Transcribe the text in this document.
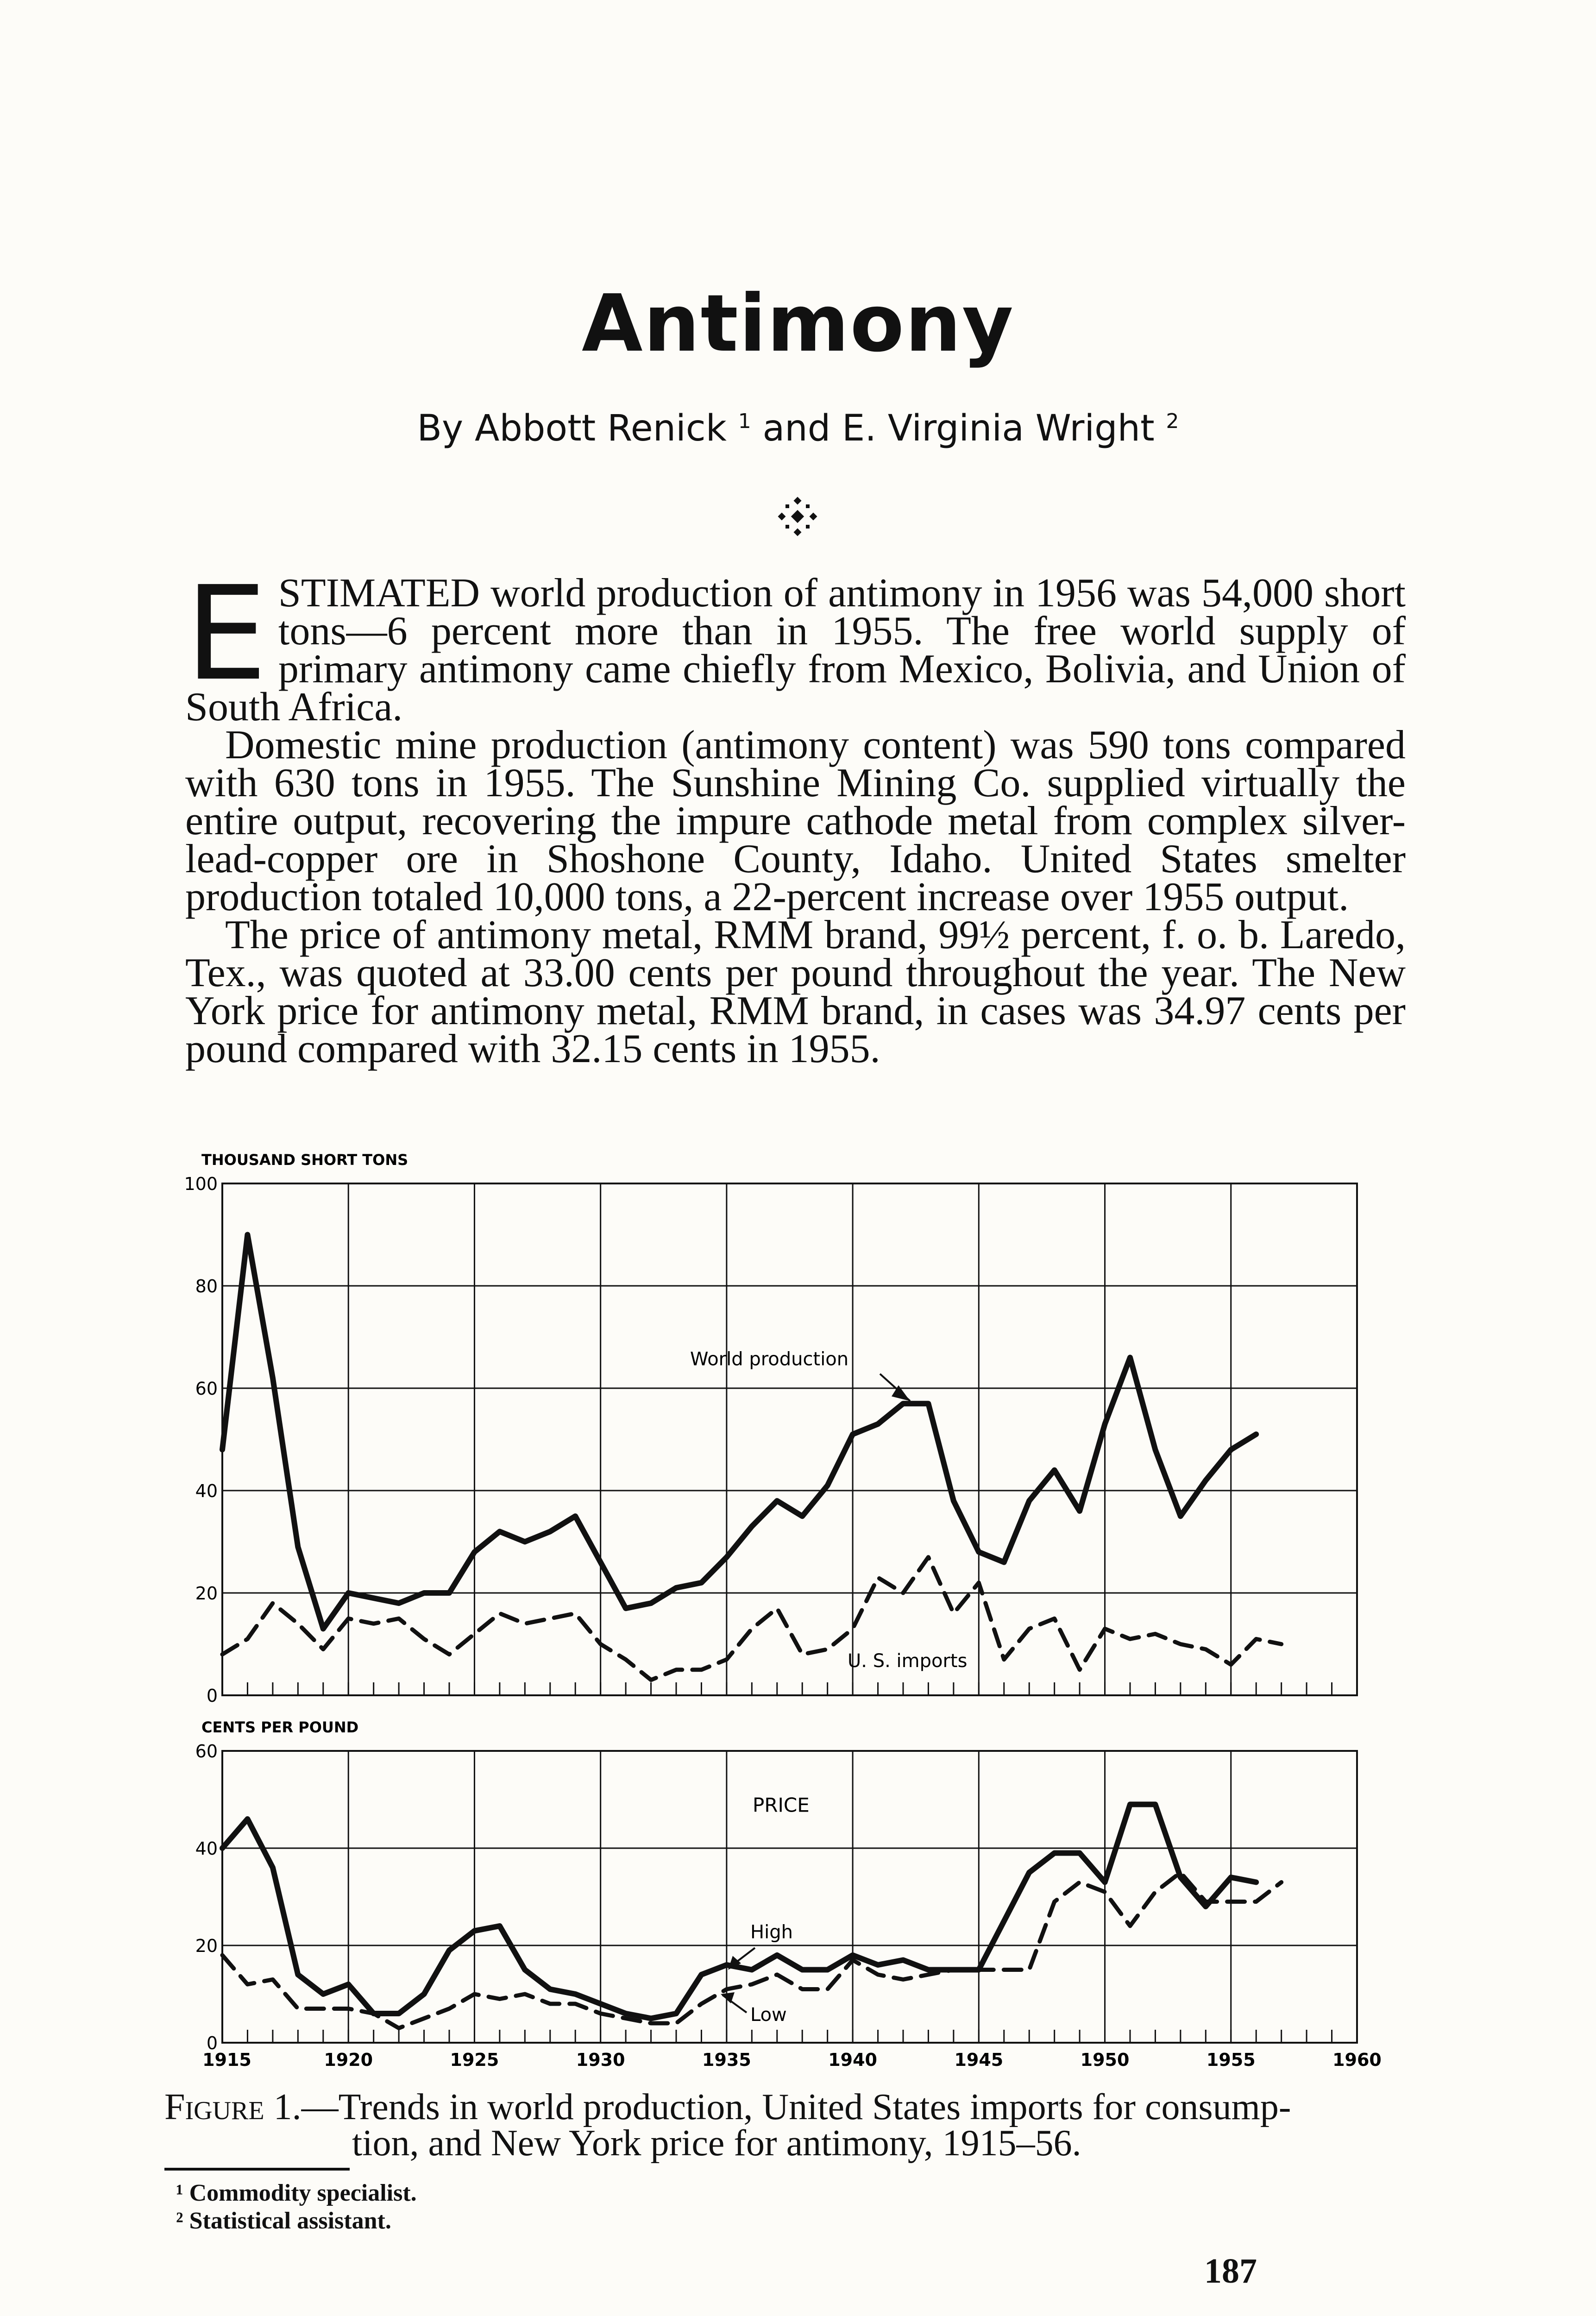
Antimony
By Abbott Renick $^1$ and E. Virginia Wright $^2$

ESTIMATED world production of antimony in 1956 was 54,000 short tons—6 percent more than in 1955. The free world supply of primary antimony came chiefly from Mexico, Bolivia, and Union of South Africa.

Domestic mine production (antimony content) was 590 tons compared with 630 tons in 1955. The Sunshine Mining Co. supplied virtually the entire output, recovering the impure cathode metal from complex silver-lead-copper ore in Shoshone County, Idaho. United States smelter production totaled 10,000 tons, a 22-percent increase over 1955 output.

The price of antimony metal, RMM brand, 99½ percent, f. o. b. Laredo, Tex., was quoted at 33.00 cents per pound throughout the year. The New York price for antimony metal, RMM brand, in cases was 34.97 cents per pound compared with 32.15 cents in 1955.

0
20
40
60
80
100
THOUSAND SHORT TONS
0
20
40
60
CENTS PER POUND
World production
U. S. imports
PRICE
High
Low
1915	1920	1925	1930	1935	1940	1945	1950	1955	1960
Figure 1.—Trends in world production, United States imports for consump-
tion, and New York price for antimony, 1915–56.
¹ Commodity specialist.
² Statistical assistant.
187
